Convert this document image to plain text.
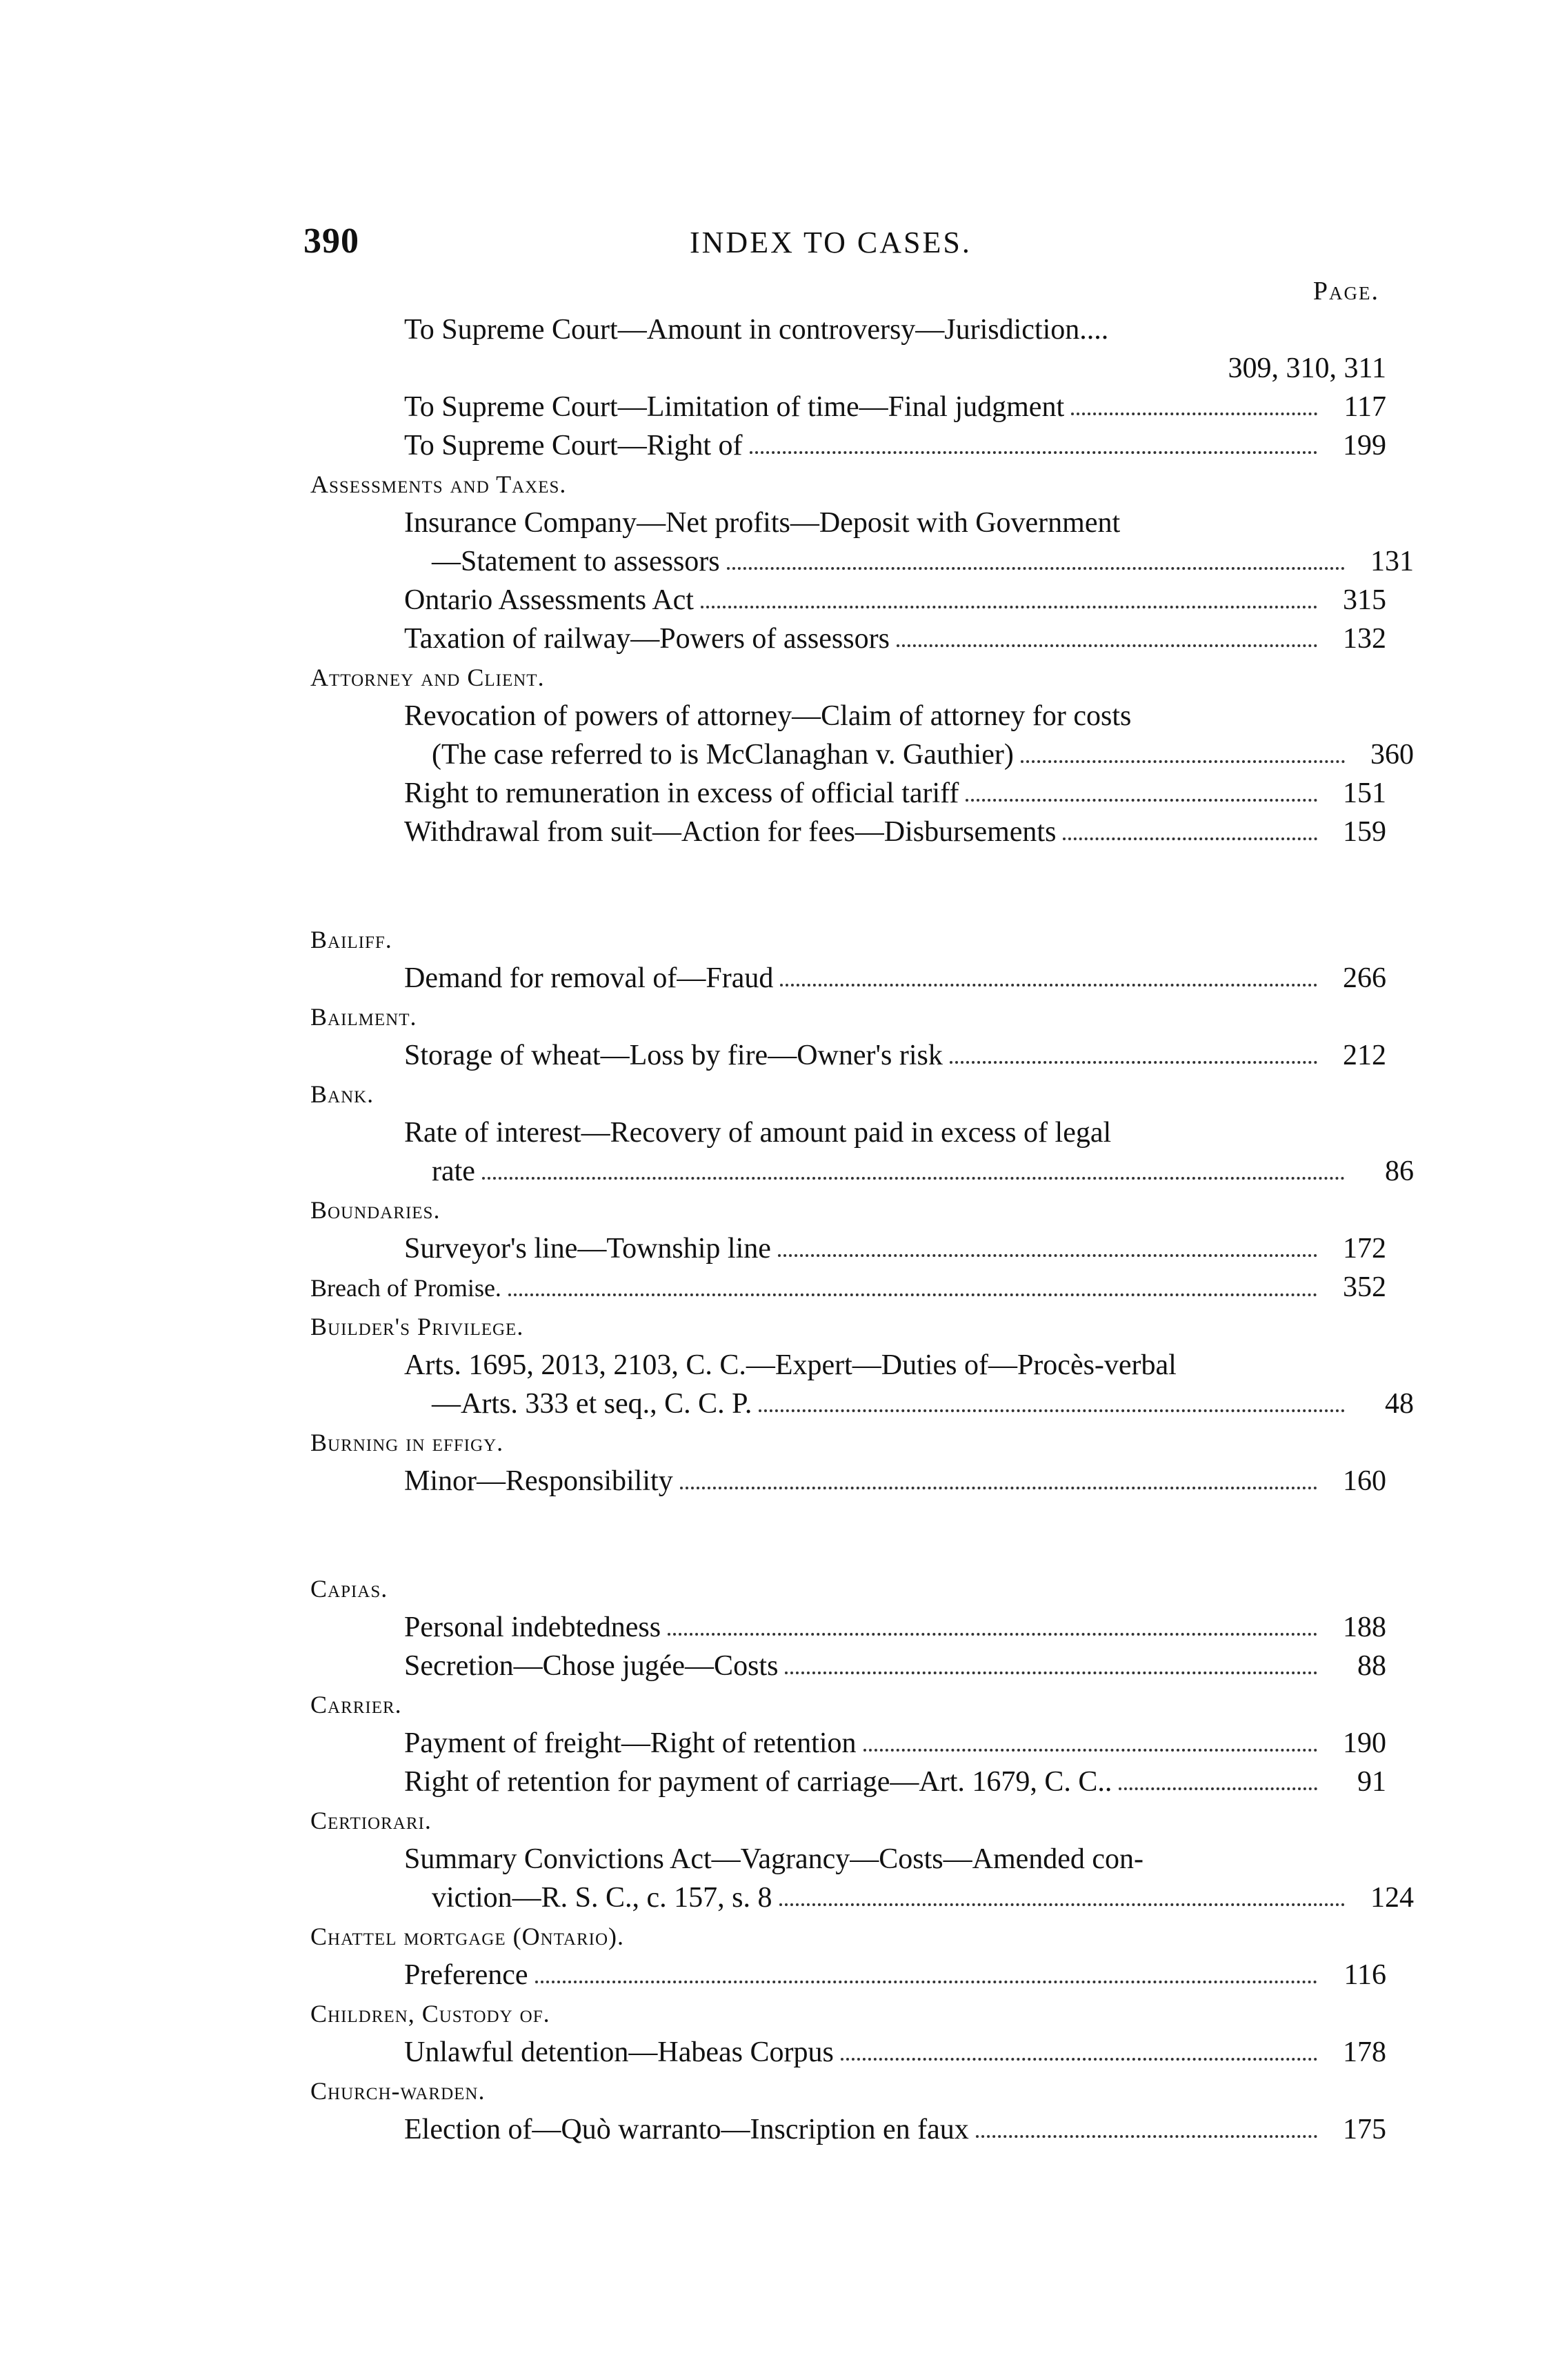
390	INDEX TO CASES.
Page.
To Supreme Court—Amount in controversy—Jurisdiction....
309, 310, 311
To Supreme Court—Limitation of time—Final judgment	117
To Supreme Court—Right of	199
Assessments and Taxes.
Insurance Company—Net profits—Deposit with Government
—Statement to assessors	131
Ontario Assessments Act	315
Taxation of railway—Powers of assessors	132
Attorney and Client.
Revocation of powers of attorney—Claim of attorney for costs
(The case referred to is McClanaghan v. Gauthier)	360
Right to remuneration in excess of official tariff	151
Withdrawal from suit—Action for fees—Disbursements	159
Bailiff.
Demand for removal of—Fraud	266
Bailment.
Storage of wheat—Loss by fire—Owner's risk	212
Bank.
Rate of interest—Recovery of amount paid in excess of legal
rate	86
Boundaries.
Surveyor's line—Township line	172
Breach of Promise.	352
Builder's Privilege.
Arts. 1695, 2013, 2103, C. C.—Expert—Duties of—Procès-verbal
—Arts. 333 et seq., C. C. P.	48
Burning in effigy.
Minor—Responsibility	160
Capias.
Personal indebtedness	188
Secretion—Chose jugée—Costs	88
Carrier.
Payment of freight—Right of retention	190
Right of retention for payment of carriage—Art. 1679, C. C..	91
Certiorari.
Summary Convictions Act—Vagrancy—Costs—Amended con-
viction—R. S. C., c. 157, s. 8	124
Chattel mortgage (Ontario).
Preference	116
Children, Custody of.
Unlawful detention—Habeas Corpus	178
Church-warden.
Election of—Quò warranto—Inscription en faux	175
